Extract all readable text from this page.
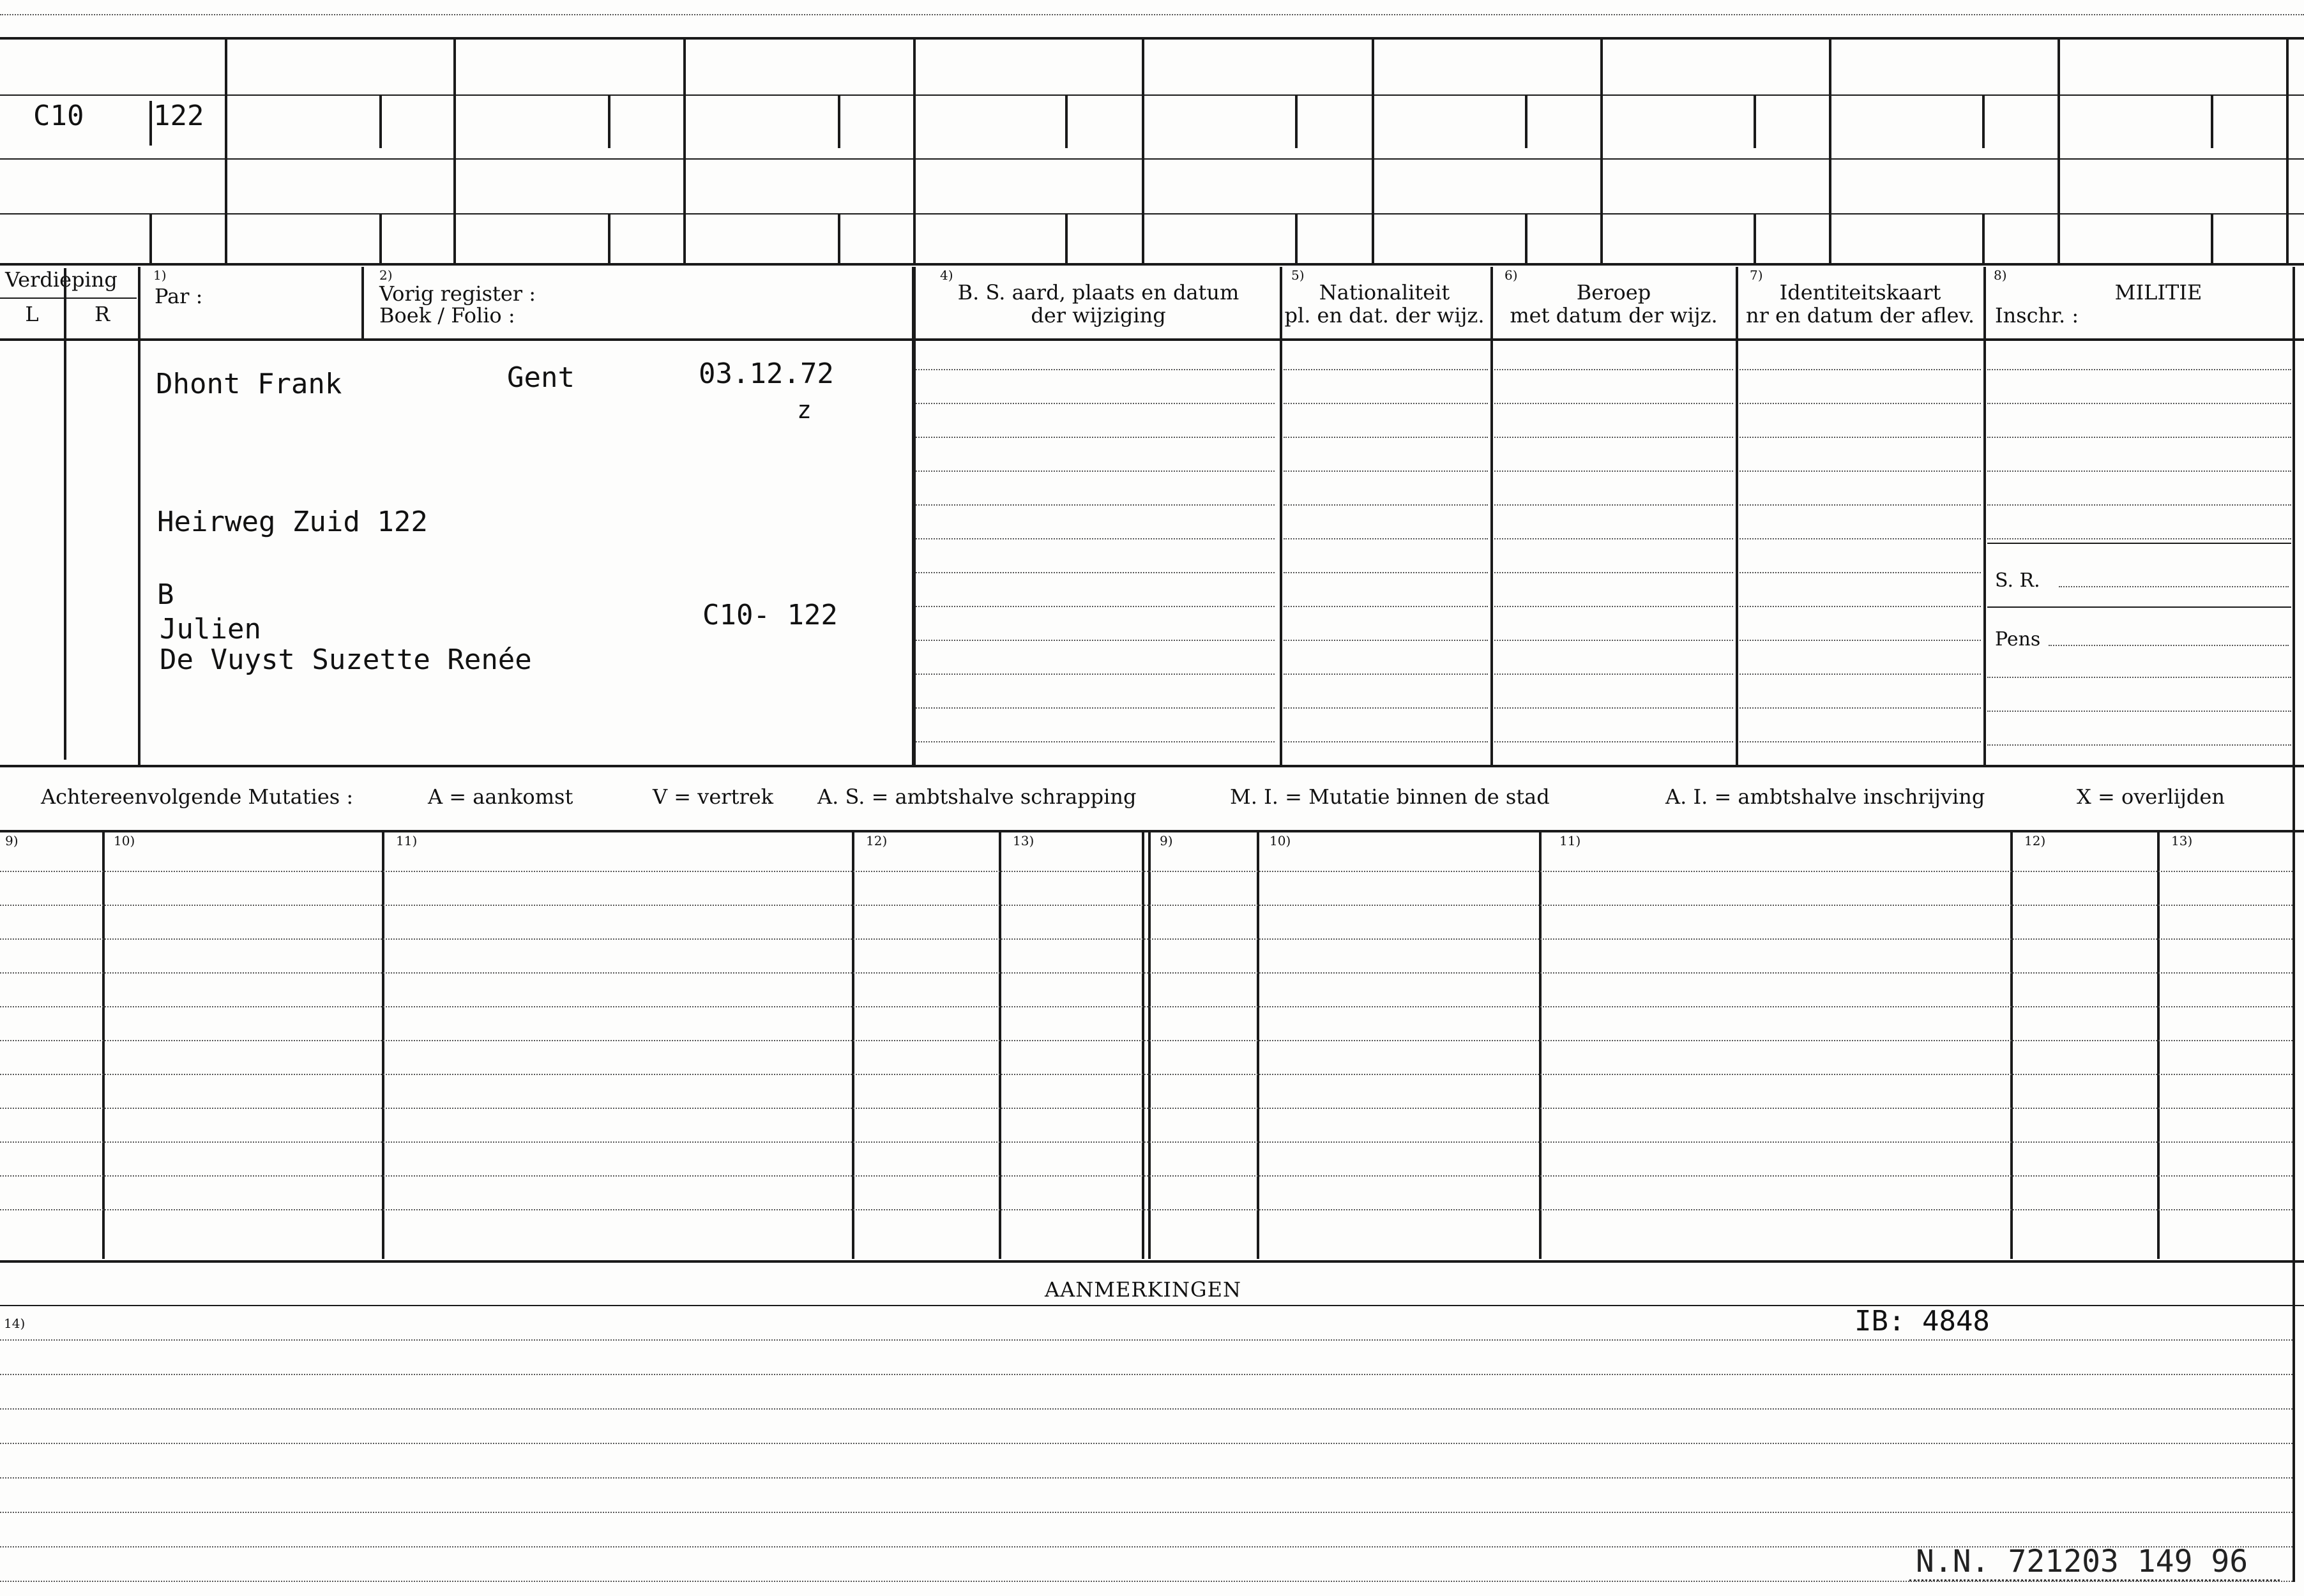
C10 122
Verdieping
L	R
1)
Par :
2)
Vorig register :
Boek / Folio :
4)
B. S. aard, plaats en datum
der wijziging
5)
Nationaliteit
pl. en dat. der wijz.
6)
Beroep
met datum der wijz.
7)
Identiteitskaart
nr en datum der aflev.
8)
MILITIE
Inschr. :
S. R.
Pens
Dhont Frank	Gent	03.12.72
z
Heirweg Zuid 122
B
Julien
De Vuyst Suzette Renée
C10- 122
Achtereenvolgende Mutaties :	A = aankomst	V = vertrek A. S. = ambtshalve schrapping	M. I. = Mutatie binnen de stad	A. I. = ambtshalve inschrijving	X = overlijden
9)	10)	11)	12)	13)	9)	10)	11)	12)	13)
AANMERKINGEN
14)	IB: 4848
N.N. 721203 149 96
